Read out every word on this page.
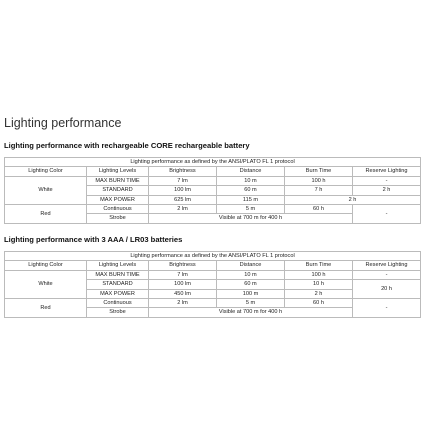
Lighting performance
Lighting performance with rechargeable CORE rechargeable battery
Lighting performance as defined by the ANSI/PLATO FL 1 protocol					
Lighting Color	Lighting Levels	Brightness	Distance	Burn Time	Reserve Lighting
White	MAX BURN TIME	7 lm	10 m	100 h	-
	STANDARD	100 lm	60 m	7 h	2 h
	MAX POWER	625 lm	115 m	2 h	
Red	Continuous	2 lm	5 m	60 h	-
	Strobe	Visible at 700 m for 400 h			
Lighting performance with 3 AAA / LR03 batteries
Lighting performance as defined by the ANSI/PLATO FL 1 protocol					
Lighting Color	Lighting Levels	Brightness	Distance	Burn Time	Reserve Lighting
White	MAX BURN TIME	7 lm	10 m	100 h	-
	STANDARD	100 lm	60 m	10 h	20 h
	MAX POWER	450 lm	100 m	2 h	
Red	Continuous	2 lm	5 m	60 h	-
	Strobe	Visible at 700 m for 400 h			
